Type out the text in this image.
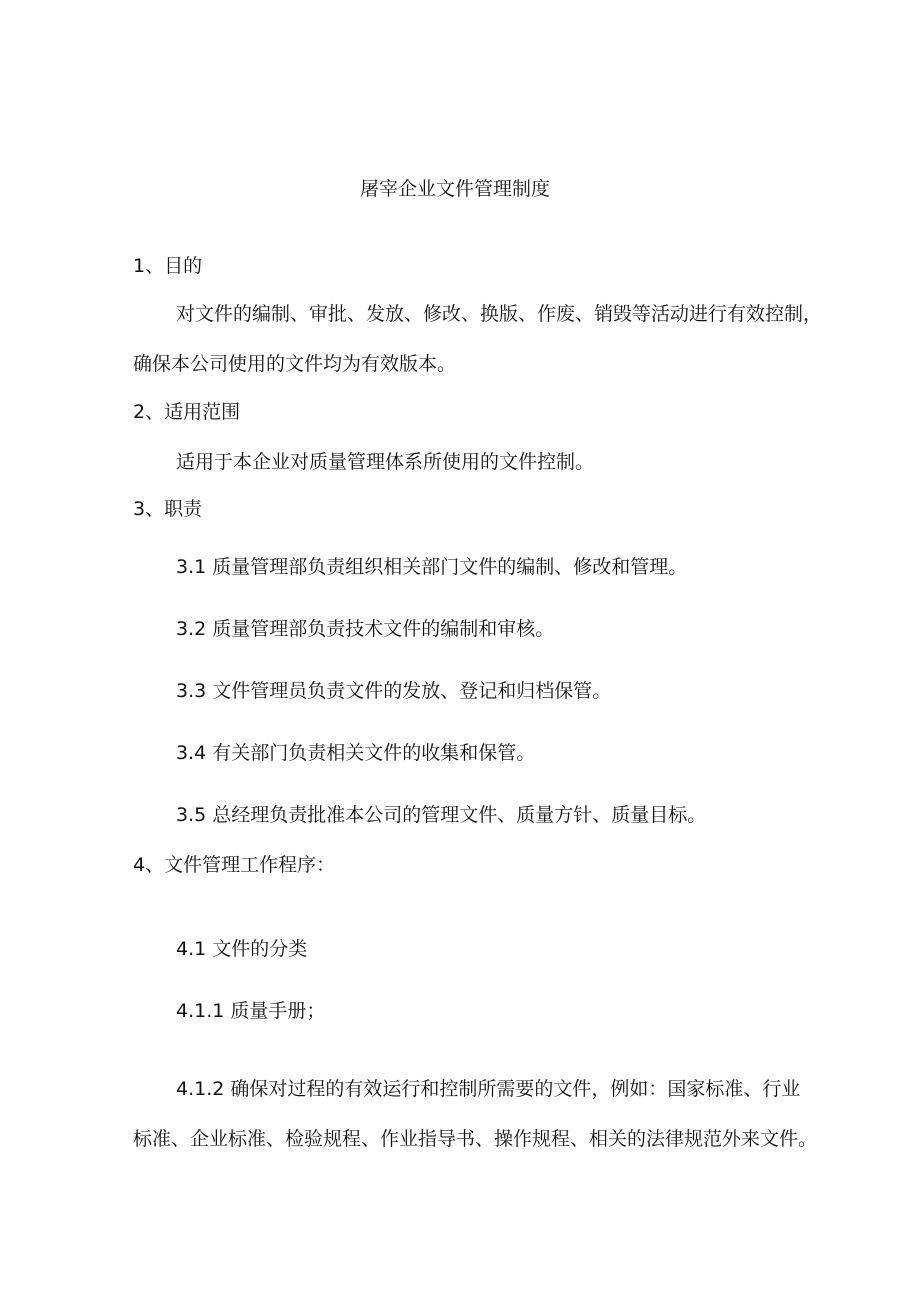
屠宰企业文件管理制度
1、目的
对文件的编制、审批、发放、修改、换版、作废、销毁等活动进行有效控制，
确保本公司使用的文件均为有效版本。
2、适用范围
适用于本企业对质量管理体系所使用的文件控制。
3、职责
3.1 质量管理部负责组织相关部门文件的编制、修改和管理。
3.2 质量管理部负责技术文件的编制和审核。
3.3 文件管理员负责文件的发放、登记和归档保管。
3.4 有关部门负责相关文件的收集和保管。
3.5 总经理负责批准本公司的管理文件、质量方针、质量目标。
4、文件管理工作程序：
4.1 文件的分类
4.1.1 质量手册；
4.1.2 确保对过程的有效运行和控制所需要的文件，例如：国家标准、行业
标准、企业标准、检验规程、作业指导书、操作规程、相关的法律规范外来文件。
